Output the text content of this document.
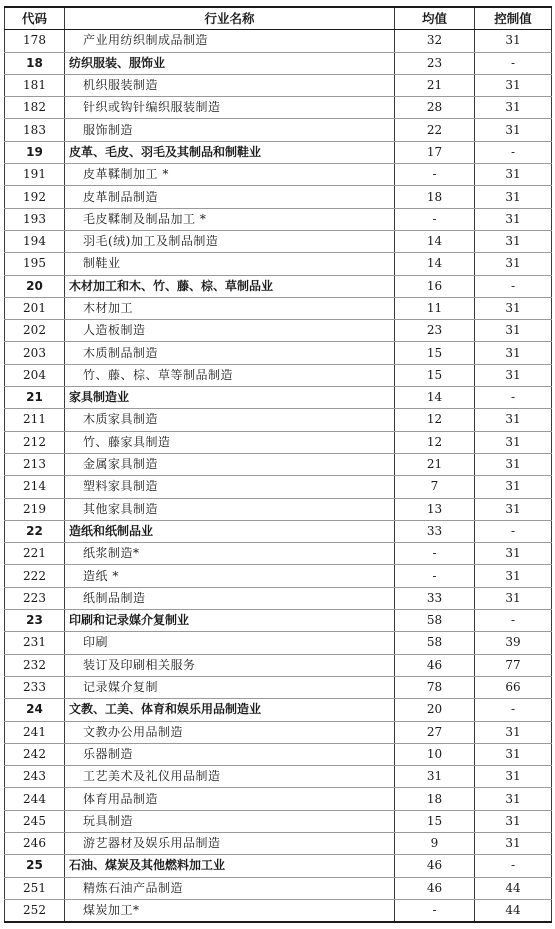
代码	行业名称	均值	控制值
178	产业用纺织制成品制造	32	31
18	纺织服装、服饰业	23	-
181	机织服装制造	21	31
182	针织或钩针编织服装制造	28	31
183	服饰制造	22	31
19	皮革、毛皮、羽毛及其制品和制鞋业	17	-
191	皮革鞣制加工 *	-	31
192	皮革制品制造	18	31
193	毛皮鞣制及制品加工 *	-	31
194	羽毛(绒)加工及制品制造	14	31
195	制鞋业	14	31
20	木材加工和木、竹、藤、棕、草制品业	16	-
201	木材加工	11	31
202	人造板制造	23	31
203	木质制品制造	15	31
204	竹、藤、棕、草等制品制造	15	31
21	家具制造业	14	-
211	木质家具制造	12	31
212	竹、藤家具制造	12	31
213	金属家具制造	21	31
214	塑料家具制造	7	31
219	其他家具制造	13	31
22	造纸和纸制品业	33	-
221	纸浆制造*	-	31
222	造纸 *	-	31
223	纸制品制造	33	31
23	印刷和记录媒介复制业	58	-
231	印刷	58	39
232	装订及印刷相关服务	46	77
233	记录媒介复制	78	66
24	文教、工美、体育和娱乐用品制造业	20	-
241	文教办公用品制造	27	31
242	乐器制造	10	31
243	工艺美术及礼仪用品制造	31	31
244	体育用品制造	18	31
245	玩具制造	15	31
246	游艺器材及娱乐用品制造	9	31
25	石油、煤炭及其他燃料加工业	46	-
251	精炼石油产品制造	46	44
252	煤炭加工*	-	44
